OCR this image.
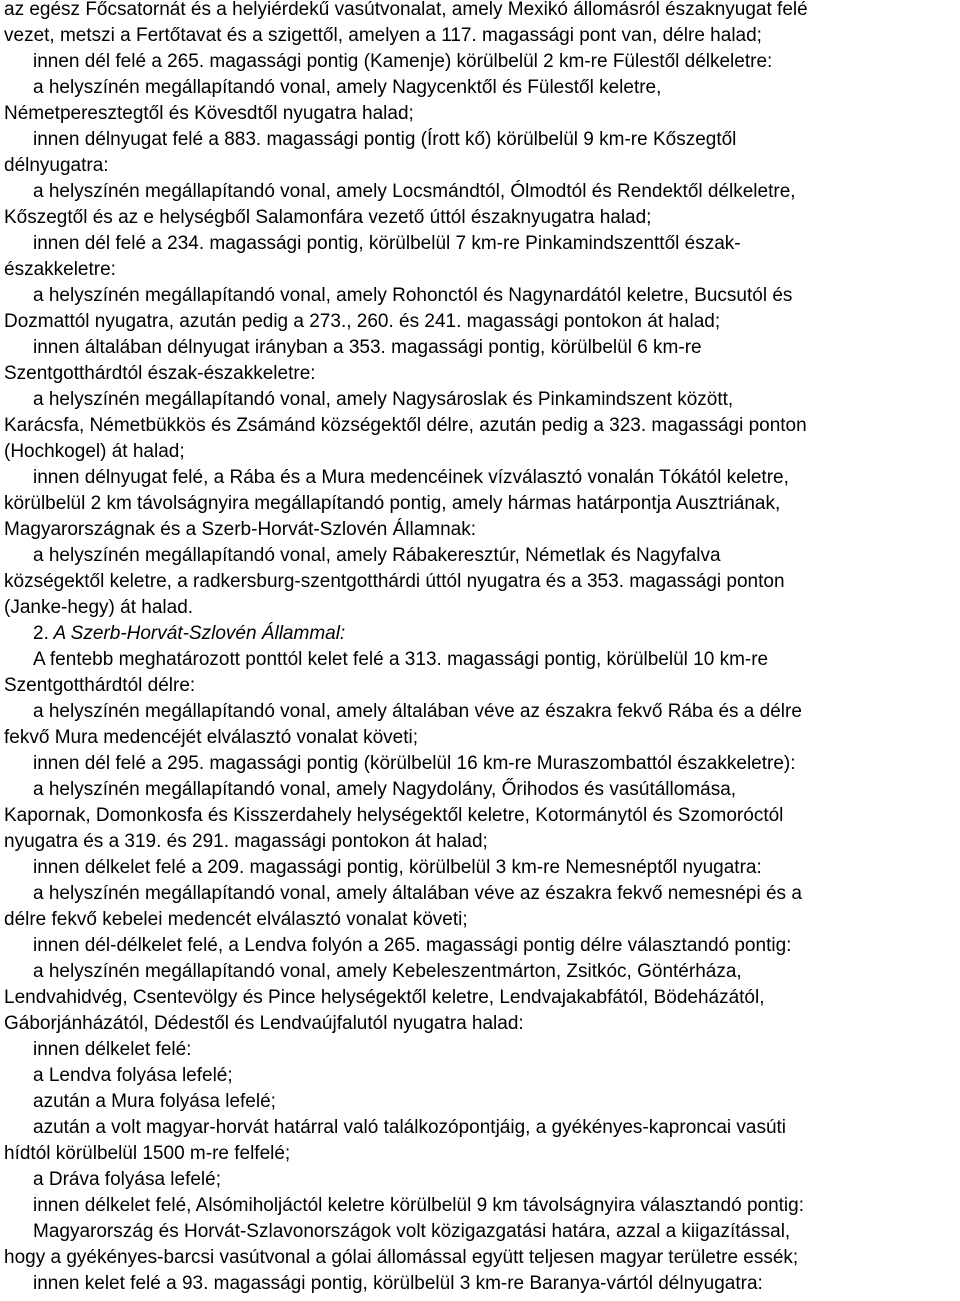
az egész Főcsatornát és a helyiérdekű vasútvonalat, amely Mexikó állomásról északnyugat felé
vezet, metszi a Fertőtavat és a szigettől, amelyen a 117. magassági pont van, délre halad;
innen dél felé a 265. magassági pontig (Kamenje) körülbelül 2 km-re Fülestől délkeletre:
a helyszínén megállapítandó vonal, amely Nagycenktől és Fülestől keletre,
Németperesztegtől és Kövesdtől nyugatra halad;
innen délnyugat felé a 883. magassági pontig (Írott kő) körülbelül 9 km-re Kőszegtől
délnyugatra:
a helyszínén megállapítandó vonal, amely Locsmándtól, Ólmodtól és Rendektől délkeletre,
Kőszegtől és az e helységből Salamonfára vezető úttól északnyugatra halad;
innen dél felé a 234. magassági pontig, körülbelül 7 km-re Pinkamindszenttől észak-
északkeletre:
a helyszínén megállapítandó vonal, amely Rohonctól és Nagynardától keletre, Bucsutól és
Dozmattól nyugatra, azután pedig a 273., 260. és 241. magassági pontokon át halad;
innen általában délnyugat irányban a 353. magassági pontig, körülbelül 6 km-re
Szentgotthárdtól észak-északkeletre:
a helyszínén megállapítandó vonal, amely Nagysároslak és Pinkamindszent között,
Karácsfa, Németbükkös és Zsámánd községektől délre, azután pedig a 323. magassági ponton
(Hochkogel) át halad;
innen délnyugat felé, a Rába és a Mura medencéinek vízválasztó vonalán Tókától keletre,
körülbelül 2 km távolságnyira megállapítandó pontig, amely hármas határpontja Ausztriának,
Magyarországnak és a Szerb-Horvát-Szlovén Államnak:
a helyszínén megállapítandó vonal, amely Rábakeresztúr, Németlak és Nagyfalva
községektől keletre, a radkersburg-szentgotthárdi úttól nyugatra és a 353. magassági ponton
(Janke-hegy) át halad.
2. A Szerb-Horvát-Szlovén Állammal:
A fentebb meghatározott ponttól kelet felé a 313. magassági pontig, körülbelül 10 km-re
Szentgotthárdtól délre:
a helyszínén megállapítandó vonal, amely általában véve az északra fekvő Rába és a délre
fekvő Mura medencéjét elválasztó vonalat követi;
innen dél felé a 295. magassági pontig (körülbelül 16 km-re Muraszombattól északkeletre):
a helyszínén megállapítandó vonal, amely Nagydolány, Őrihodos és vasútállomása,
Kapornak, Domonkosfa és Kisszerdahely helységektől keletre, Kotormánytól és Szomoróctól
nyugatra és a 319. és 291. magassági pontokon át halad;
innen délkelet felé a 209. magassági pontig, körülbelül 3 km-re Nemesnéptől nyugatra:
a helyszínén megállapítandó vonal, amely általában véve az északra fekvő nemesnépi és a
délre fekvő kebelei medencét elválasztó vonalat követi;
innen dél-délkelet felé, a Lendva folyón a 265. magassági pontig délre választandó pontig:
a helyszínén megállapítandó vonal, amely Kebeleszentmárton, Zsitkóc, Göntérháza,
Lendvahidvég, Csentevölgy és Pince helységektől keletre, Lendvajakabfától, Bödeházától,
Gáborjánházától, Dédestől és Lendvaújfalutól nyugatra halad:
innen délkelet felé:
a Lendva folyása lefelé;
azután a Mura folyása lefelé;
azután a volt magyar-horvát határral való találkozópontjáig, a gyékényes-kaproncai vasúti
hídtól körülbelül 1500 m-re felfelé;
a Dráva folyása lefelé;
innen délkelet felé, Alsómiholjáctól keletre körülbelül 9 km távolságnyira választandó pontig:
Magyarország és Horvát-Szlavonországok volt közigazgatási határa, azzal a kiigazítással,
hogy a gyékényes-barcsi vasútvonal a gólai állomással együtt teljesen magyar területre essék;
innen kelet felé a 93. magassági pontig, körülbelül 3 km-re Baranya-vártól délnyugatra:
